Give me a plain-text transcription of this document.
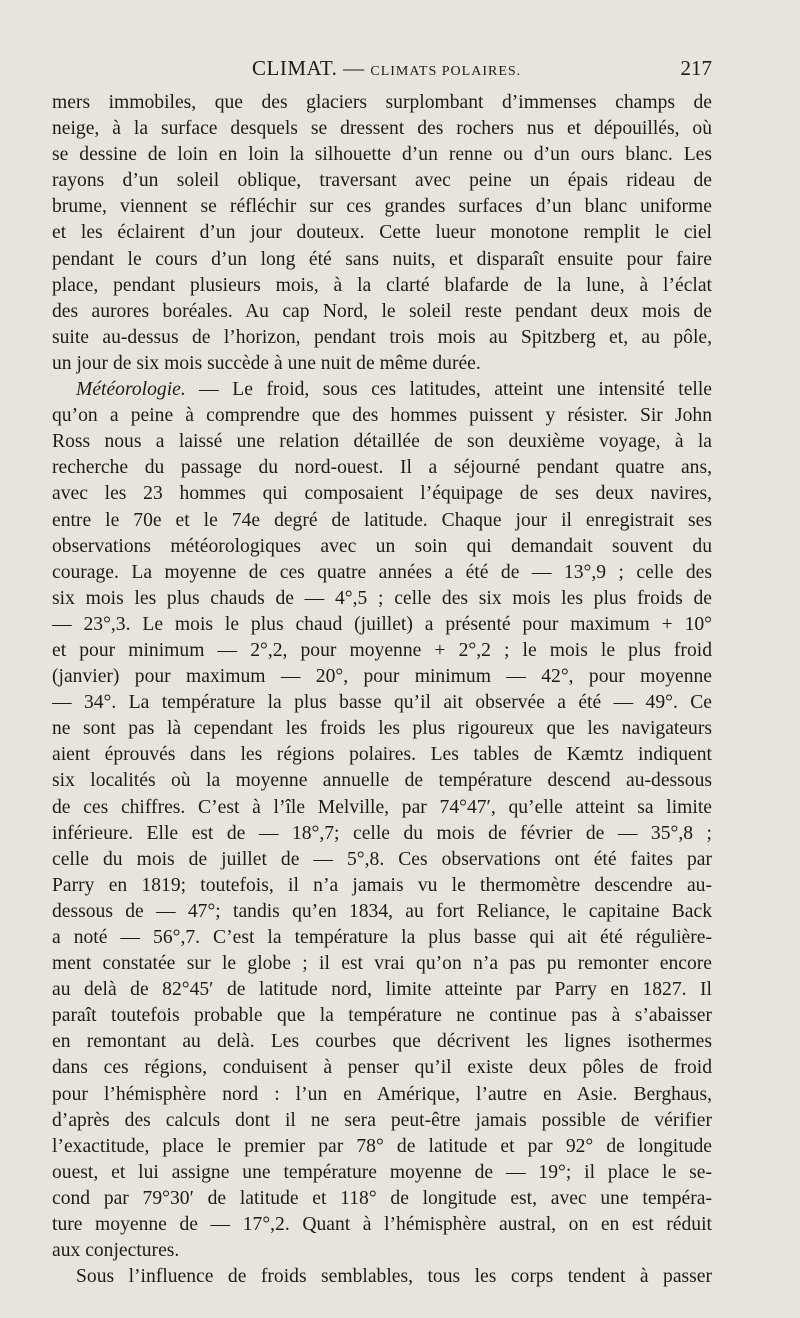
CLIMAT. — CLIMATS POLAIRES.	217
mers immobiles, que des glaciers surplombant d’immenses champs de
neige, à la surface desquels se dressent des rochers nus et dépouillés, où
se dessine de loin en loin la silhouette d’un renne ou d’un ours blanc. Les
rayons d’un soleil oblique, traversant avec peine un épais rideau de
brume, viennent se réfléchir sur ces grandes surfaces d’un blanc uniforme
et les éclairent d’un jour douteux. Cette lueur monotone remplit le ciel
pendant le cours d’un long été sans nuits, et disparaît ensuite pour faire
place, pendant plusieurs mois, à la clarté blafarde de la lune, à l’éclat
des aurores boréales. Au cap Nord, le soleil reste pendant deux mois de
suite au-dessus de l’horizon, pendant trois mois au Spitzberg et, au pôle,
un jour de six mois succède à une nuit de même durée.
Météorologie. — Le froid, sous ces latitudes, atteint une intensité telle
qu’on a peine à comprendre que des hommes puissent y résister. Sir John
Ross nous a laissé une relation détaillée de son deuxième voyage, à la
recherche du passage du nord-ouest. Il a séjourné pendant quatre ans,
avec les 23 hommes qui composaient l’équipage de ses deux navires,
entre le 70e et le 74e degré de latitude. Chaque jour il enregistrait ses
observations météorologiques avec un soin qui demandait souvent du
courage. La moyenne de ces quatre années a été de — 13°,9 ; celle des
six mois les plus chauds de — 4°,5 ; celle des six mois les plus froids de
— 23°,3. Le mois le plus chaud (juillet) a présenté pour maximum + 10°
et pour minimum — 2°,2, pour moyenne + 2°,2 ; le mois le plus froid
(janvier) pour maximum — 20°, pour minimum — 42°, pour moyenne
— 34°. La température la plus basse qu’il ait observée a été — 49°. Ce
ne sont pas là cependant les froids les plus rigoureux que les navigateurs
aient éprouvés dans les régions polaires. Les tables de Kæmtz indiquent
six localités où la moyenne annuelle de température descend au-dessous
de ces chiffres. C’est à l’île Melville, par 74°47′, qu’elle atteint sa limite
inférieure. Elle est de — 18°,7; celle du mois de février de — 35°,8 ;
celle du mois de juillet de — 5°,8. Ces observations ont été faites par
Parry en 1819; toutefois, il n’a jamais vu le thermomètre descendre au-
dessous de — 47°; tandis qu’en 1834, au fort Reliance, le capitaine Back
a noté — 56°,7. C’est la température la plus basse qui ait été régulière-
ment constatée sur le globe ; il est vrai qu’on n’a pas pu remonter encore
au delà de 82°45′ de latitude nord, limite atteinte par Parry en 1827. Il
paraît toutefois probable que la température ne continue pas à s’abaisser
en remontant au delà. Les courbes que décrivent les lignes isothermes
dans ces régions, conduisent à penser qu’il existe deux pôles de froid
pour l’hémisphère nord : l’un en Amérique, l’autre en Asie. Berghaus,
d’après des calculs dont il ne sera peut-être jamais possible de vérifier
l’exactitude, place le premier par 78° de latitude et par 92° de longitude
ouest, et lui assigne une température moyenne de — 19°; il place le se-
cond par 79°30′ de latitude et 118° de longitude est, avec une tempéra-
ture moyenne de — 17°,2. Quant à l’hémisphère austral, on en est réduit
aux conjectures.
Sous l’influence de froids semblables, tous les corps tendent à passer
